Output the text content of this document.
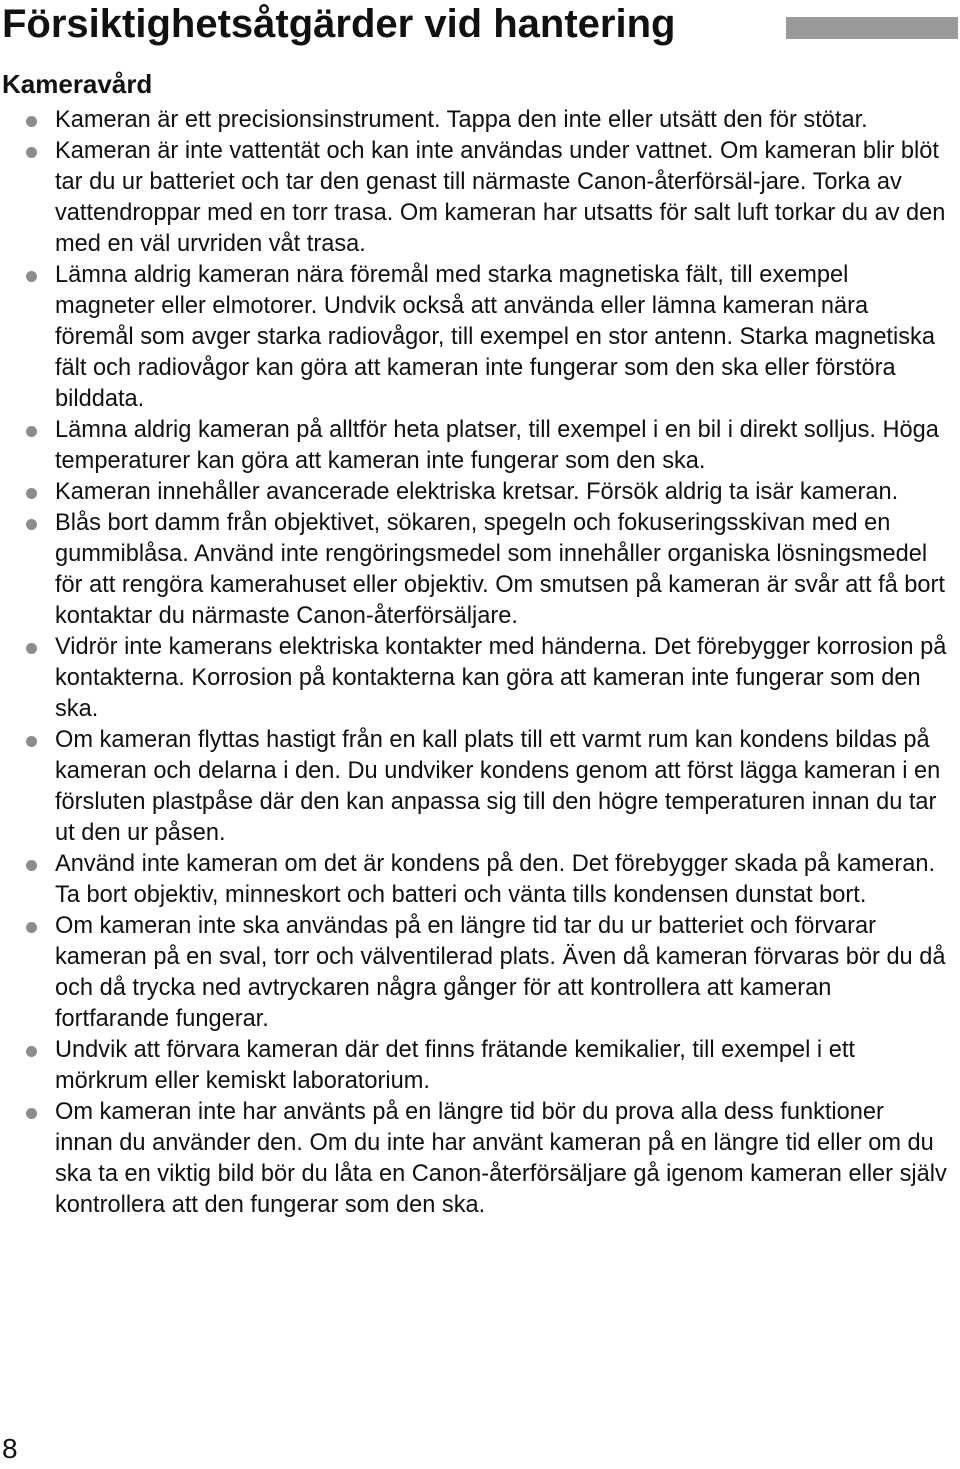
Försiktighetsåtgärder vid hantering
Kameravård
Kameran är ett precisionsinstrument. Tappa den inte eller utsätt den för stötar.
Kameran är inte vattentät och kan inte användas under vattnet. Om kameran blir blöt tar du ur batteriet och tar den genast till närmaste Canon-återförsäl-jare. Torka av vattendroppar med en torr trasa. Om kameran har utsatts för salt luft torkar du av den med en väl urvriden våt trasa.
Lämna aldrig kameran nära föremål med starka magnetiska fält, till exempel magneter eller elmotorer. Undvik också att använda eller lämna kameran nära föremål som avger starka radiovågor, till exempel en stor antenn. Starka magnetiska fält och radiovågor kan göra att kameran inte fungerar som den ska eller förstöra bilddata.
Lämna aldrig kameran på alltför heta platser, till exempel i en bil i direkt solljus. Höga temperaturer kan göra att kameran inte fungerar som den ska.
Kameran innehåller avancerade elektriska kretsar. Försök aldrig ta isär kameran.
Blås bort damm från objektivet, sökaren, spegeln och fokuseringsskivan med en gummiblåsa. Använd inte rengöringsmedel som innehåller organiska lösningsmedel för att rengöra kamerahuset eller objektiv. Om smutsen på kameran är svår att få bort kontaktar du närmaste Canon-återförsäljare.
Vidrör inte kamerans elektriska kontakter med händerna. Det förebygger korrosion på kontakterna. Korrosion på kontakterna kan göra att kameran inte fungerar som den ska.
Om kameran flyttas hastigt från en kall plats till ett varmt rum kan kondens bildas på kameran och delarna i den. Du undviker kondens genom att först lägga kameran i en försluten plastpåse där den kan anpassa sig till den högre temperaturen innan du tar ut den ur påsen.
Använd inte kameran om det är kondens på den. Det förebygger skada på kameran. Ta bort objektiv, minneskort och batteri och vänta tills kondensen dunstat bort.
Om kameran inte ska användas på en längre tid tar du ur batteriet och förvarar kameran på en sval, torr och välventilerad plats. Även då kameran förvaras bör du då och då trycka ned avtryckaren några gånger för att kontrollera att kameran fortfarande fungerar.
Undvik att förvara kameran där det finns frätande kemikalier, till exempel i ett mörkrum eller kemiskt laboratorium.
Om kameran inte har använts på en längre tid bör du prova alla dess funktioner innan du använder den. Om du inte har använt kameran på en längre tid eller om du ska ta en viktig bild bör du låta en Canon-återförsäljare gå igenom kameran eller själv kontrollera att den fungerar som den ska.
8
